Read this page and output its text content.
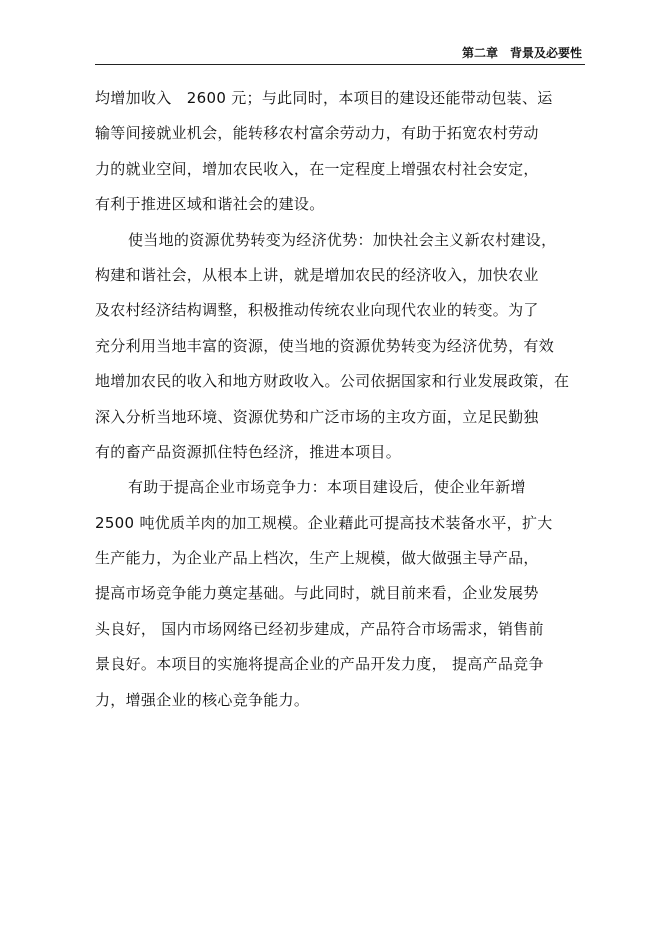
第二章　背景及必要性
均增加收入　2600 元；与此同时，本项目的建设还能带动包装、运
输等间接就业机会，能转移农村富余劳动力，有助于拓宽农村劳动
力的就业空间，增加农民收入，在一定程度上增强农村社会安定，
有利于推进区域和谐社会的建设。
使当地的资源优势转变为经济优势：加快社会主义新农村建设，
构建和谐社会，从根本上讲，就是增加农民的经济收入，加快农业
及农村经济结构调整，积极推动传统农业向现代农业的转变。为了
充分利用当地丰富的资源，使当地的资源优势转变为经济优势，有效
地增加农民的收入和地方财政收入。公司依据国家和行业发展政策，在
深入分析当地环境、资源优势和广泛市场的主攻方面，立足民勤独
有的畜产品资源抓住特色经济，推进本项目。
有助于提高企业市场竞争力：本项目建设后，使企业年新增
2500 吨优质羊肉的加工规模。企业藉此可提高技术装备水平，扩大
生产能力，为企业产品上档次，生产上规模，做大做强主导产品，
提高市场竞争能力奠定基础。与此同时，就目前来看，企业发展势
头良好， 国内市场网络已经初步建成，产品符合市场需求，销售前
景良好。本项目的实施将提高企业的产品开发力度， 提高产品竞争
力，增强企业的核心竞争能力。
